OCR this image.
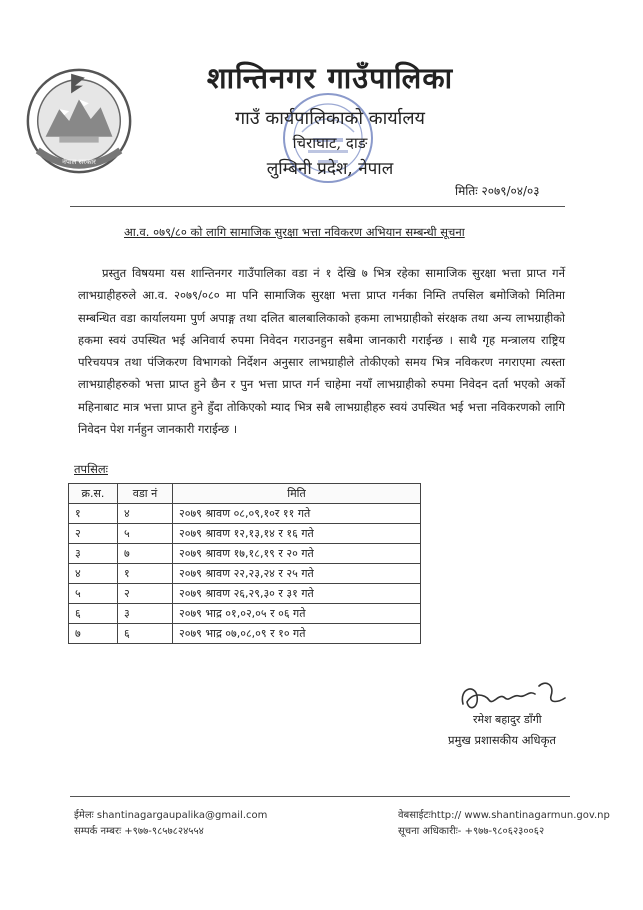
नेपाल सरकार
शान्तिनगर गाउँपालिका
गाउँ कार्यपालिकाको कार्यालय
चिराघाट, दाङ
लुम्बिनी प्रदेश, नेपाल
मितिः २०७९/०४/०३
आ.व. ०७९/८० को लागि सामाजिक सुरक्षा भत्ता नविकरण अभियान सम्बन्धी सूचना
प्रस्तुत विषयमा यस शान्तिनगर गाउँपालिका वडा नं १ देखि ७ भित्र रहेका सामाजिक सुरक्षा भत्ता प्राप्त गर्ने लाभग्राहीहरुले आ.व. २०७९/०८० मा पनि सामाजिक सुरक्षा भत्ता प्राप्त गर्नका निम्ति तपसिल बमोजिको मितिमा सम्बन्धित वडा कार्यालयमा पुर्ण अपाङ्ग तथा दलित बालबालिकाको हकमा लाभग्राहीको संरक्षक तथा अन्य लाभग्राहीको हकमा स्वयं उपस्थित भई अनिवार्य रुपमा निवेदन गराउनहुन सबैमा जानकारी गराईन्छ । साथै गृह मन्त्रालय राष्ट्रिय परिचयपत्र तथा पंजिकरण विभागको निर्देशन अनुसार लाभग्राहीले तोकीएको समय भित्र नविकरण नगराएमा त्यस्ता लाभग्राहीहरुको भत्ता प्राप्त हुने छैन र पुन भत्ता प्राप्त गर्न चाहेमा नयाँ लाभग्राहीको रुपमा निवेदन दर्ता भएको अर्को महिनाबाट मात्र भत्ता प्राप्त हुने हुँदा तोकिएको म्याद भित्र सबै लाभग्राहीहरु स्वयं उपस्थित भई भत्ता नविकरणको लागि निवेदन पेश गर्नहुन जानकारी गराईन्छ ।
तपसिलः
क्र.स.	वडा नं	मिति
१	४	२०७९ श्रावण ०८,०९,१०र ११ गते
२	५	२०७९ श्रावण १२,१३,१४ र १६ गते
३	७	२०७९ श्रावण १७,१८,१९ र २० गते
४	१	२०७९ श्रावण २२,२३,२४ र २५ गते
५	२	२०७९ श्रावण २६,२९,३० र ३१ गते
६	३	२०७९ भाद्र ०१,०२,०५ र ०६ गते
७	६	२०७९ भाद्र ०७,०८,०९ र १० गते
रमेश बहादुर डाँगी
प्रमुख प्रशासकीय अधिकृत
ईमेलः shantinagargaupalika@gmail.com
सम्पर्क नम्बरः +९७७-९८५७८२४५५४
वेबसाईटःhttp:// www.shantinagarmun.gov.np
सूचना अधिकारीः- +९७७-९८०६२३००६२
